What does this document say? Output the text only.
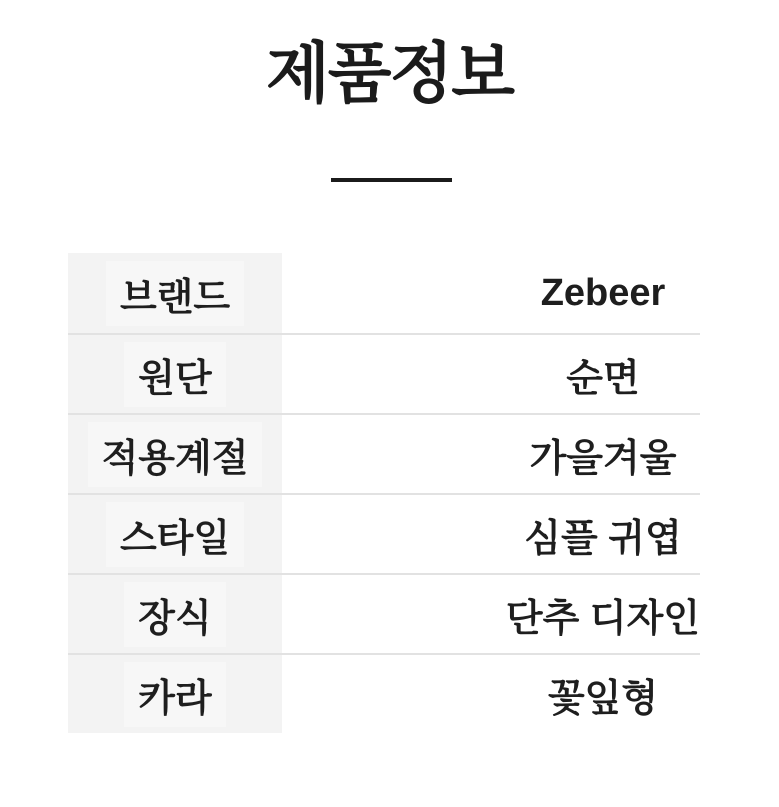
제품정보
브랜드	Zebeer
원단	순면
적용계절	가을겨울
스타일	심플 귀엽
장식	단추 디자인
카라	꽃잎형
